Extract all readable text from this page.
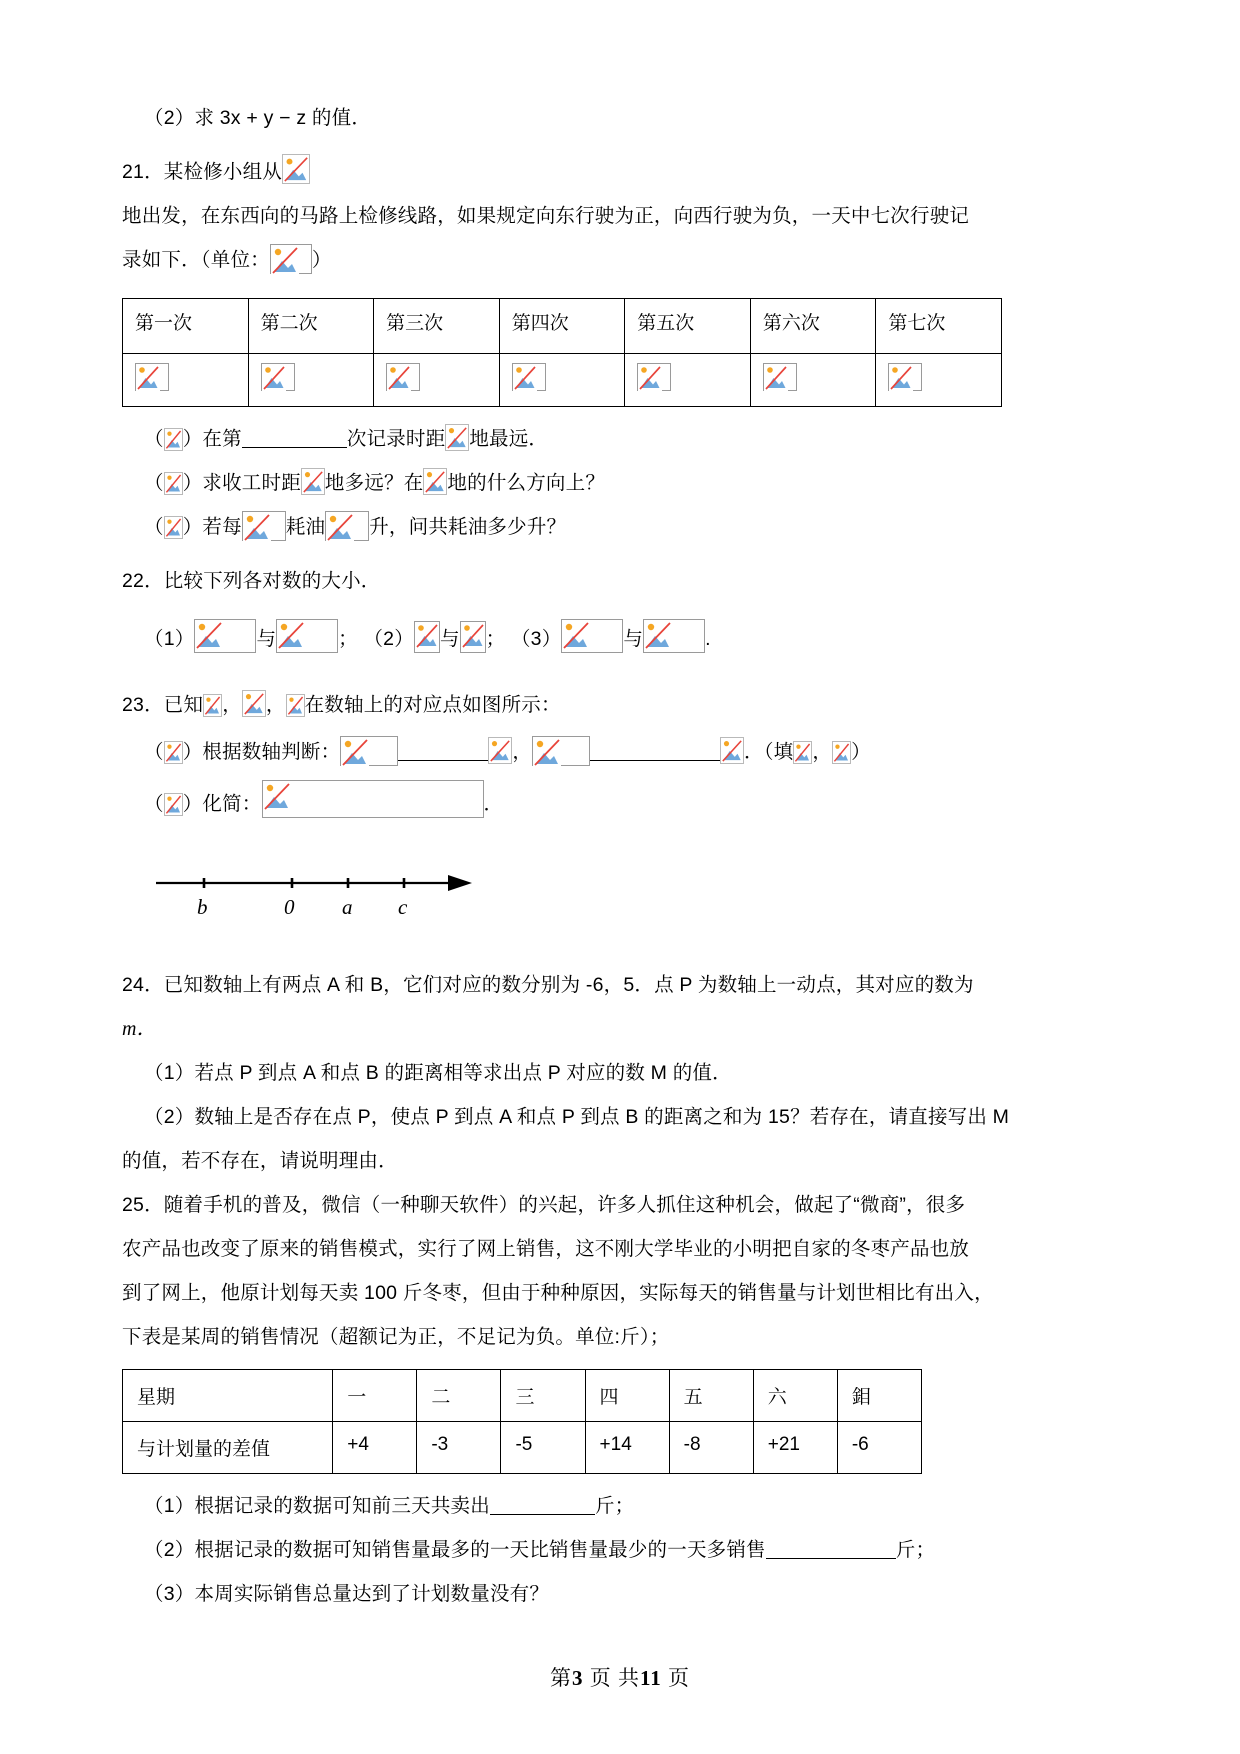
（2）求 3x + y − z 的值．
21．某检修小组从
地出发，在东西向的马路上检修线路，如果规定向东行驶为正，向西行驶为负，一天中七次行驶记
录如下．（单位： ）
第一次	第二次	第三次	第四次	第五次	第六次	第七次

（ ）在第	次记录时距 地最远．
（ ）求收工时距 地多远？在 地的什么方向上？
（ ）若每 耗油 升，问共耗油多少升？
22．比较下列各对数的大小．
（1）	与	； （2） 与 ； （3）	与	.
23．已知 ， ， 在数轴上的对应点如图所示：
（ ）根据数轴判断：	，	．（填 ， ）
（ ）化简：	．
b	0 a c
24．已知数轴上有两点 A 和 B，它们对应的数分别为 -6，5．点 P 为数轴上一动点，其对应的数为
m．
（1）若点 P 到点 A 和点 B 的距离相等求出点 P 对应的数 M 的值．
（2）数轴上是否存在点 P，使点 P 到点 A 和点 P 到点 B 的距离之和为 15？若存在，请直接写出 M
的值，若不存在，请说明理由．
25．随着手机的普及，微信（一种聊天软件）的兴起，许多人抓住这种机会，做起了“微商”，很多
农产品也改变了原来的销售模式，实行了网上销售，这不刚大学毕业的小明把自家的冬枣产品也放
到了网上，他原计划每天卖 100 斤冬枣，但由于种种原因，实际每天的销售量与计划世相比有出入，
下表是某周的销售情况（超额记为正，不足记为负。单位:斤）；
星期	一	二	三	四	五	六	鉬
与计划量的差值	+4	-3	-5	+14	-8	+21	-6
（1）根据记录的数据可知前三天共卖出	斤；
（2）根据记录的数据可知销售量最多的一天比销售量最少的一天多销售	斤；
（3）本周实际销售总量达到了计划数量没有？
第3 页 共11 页
